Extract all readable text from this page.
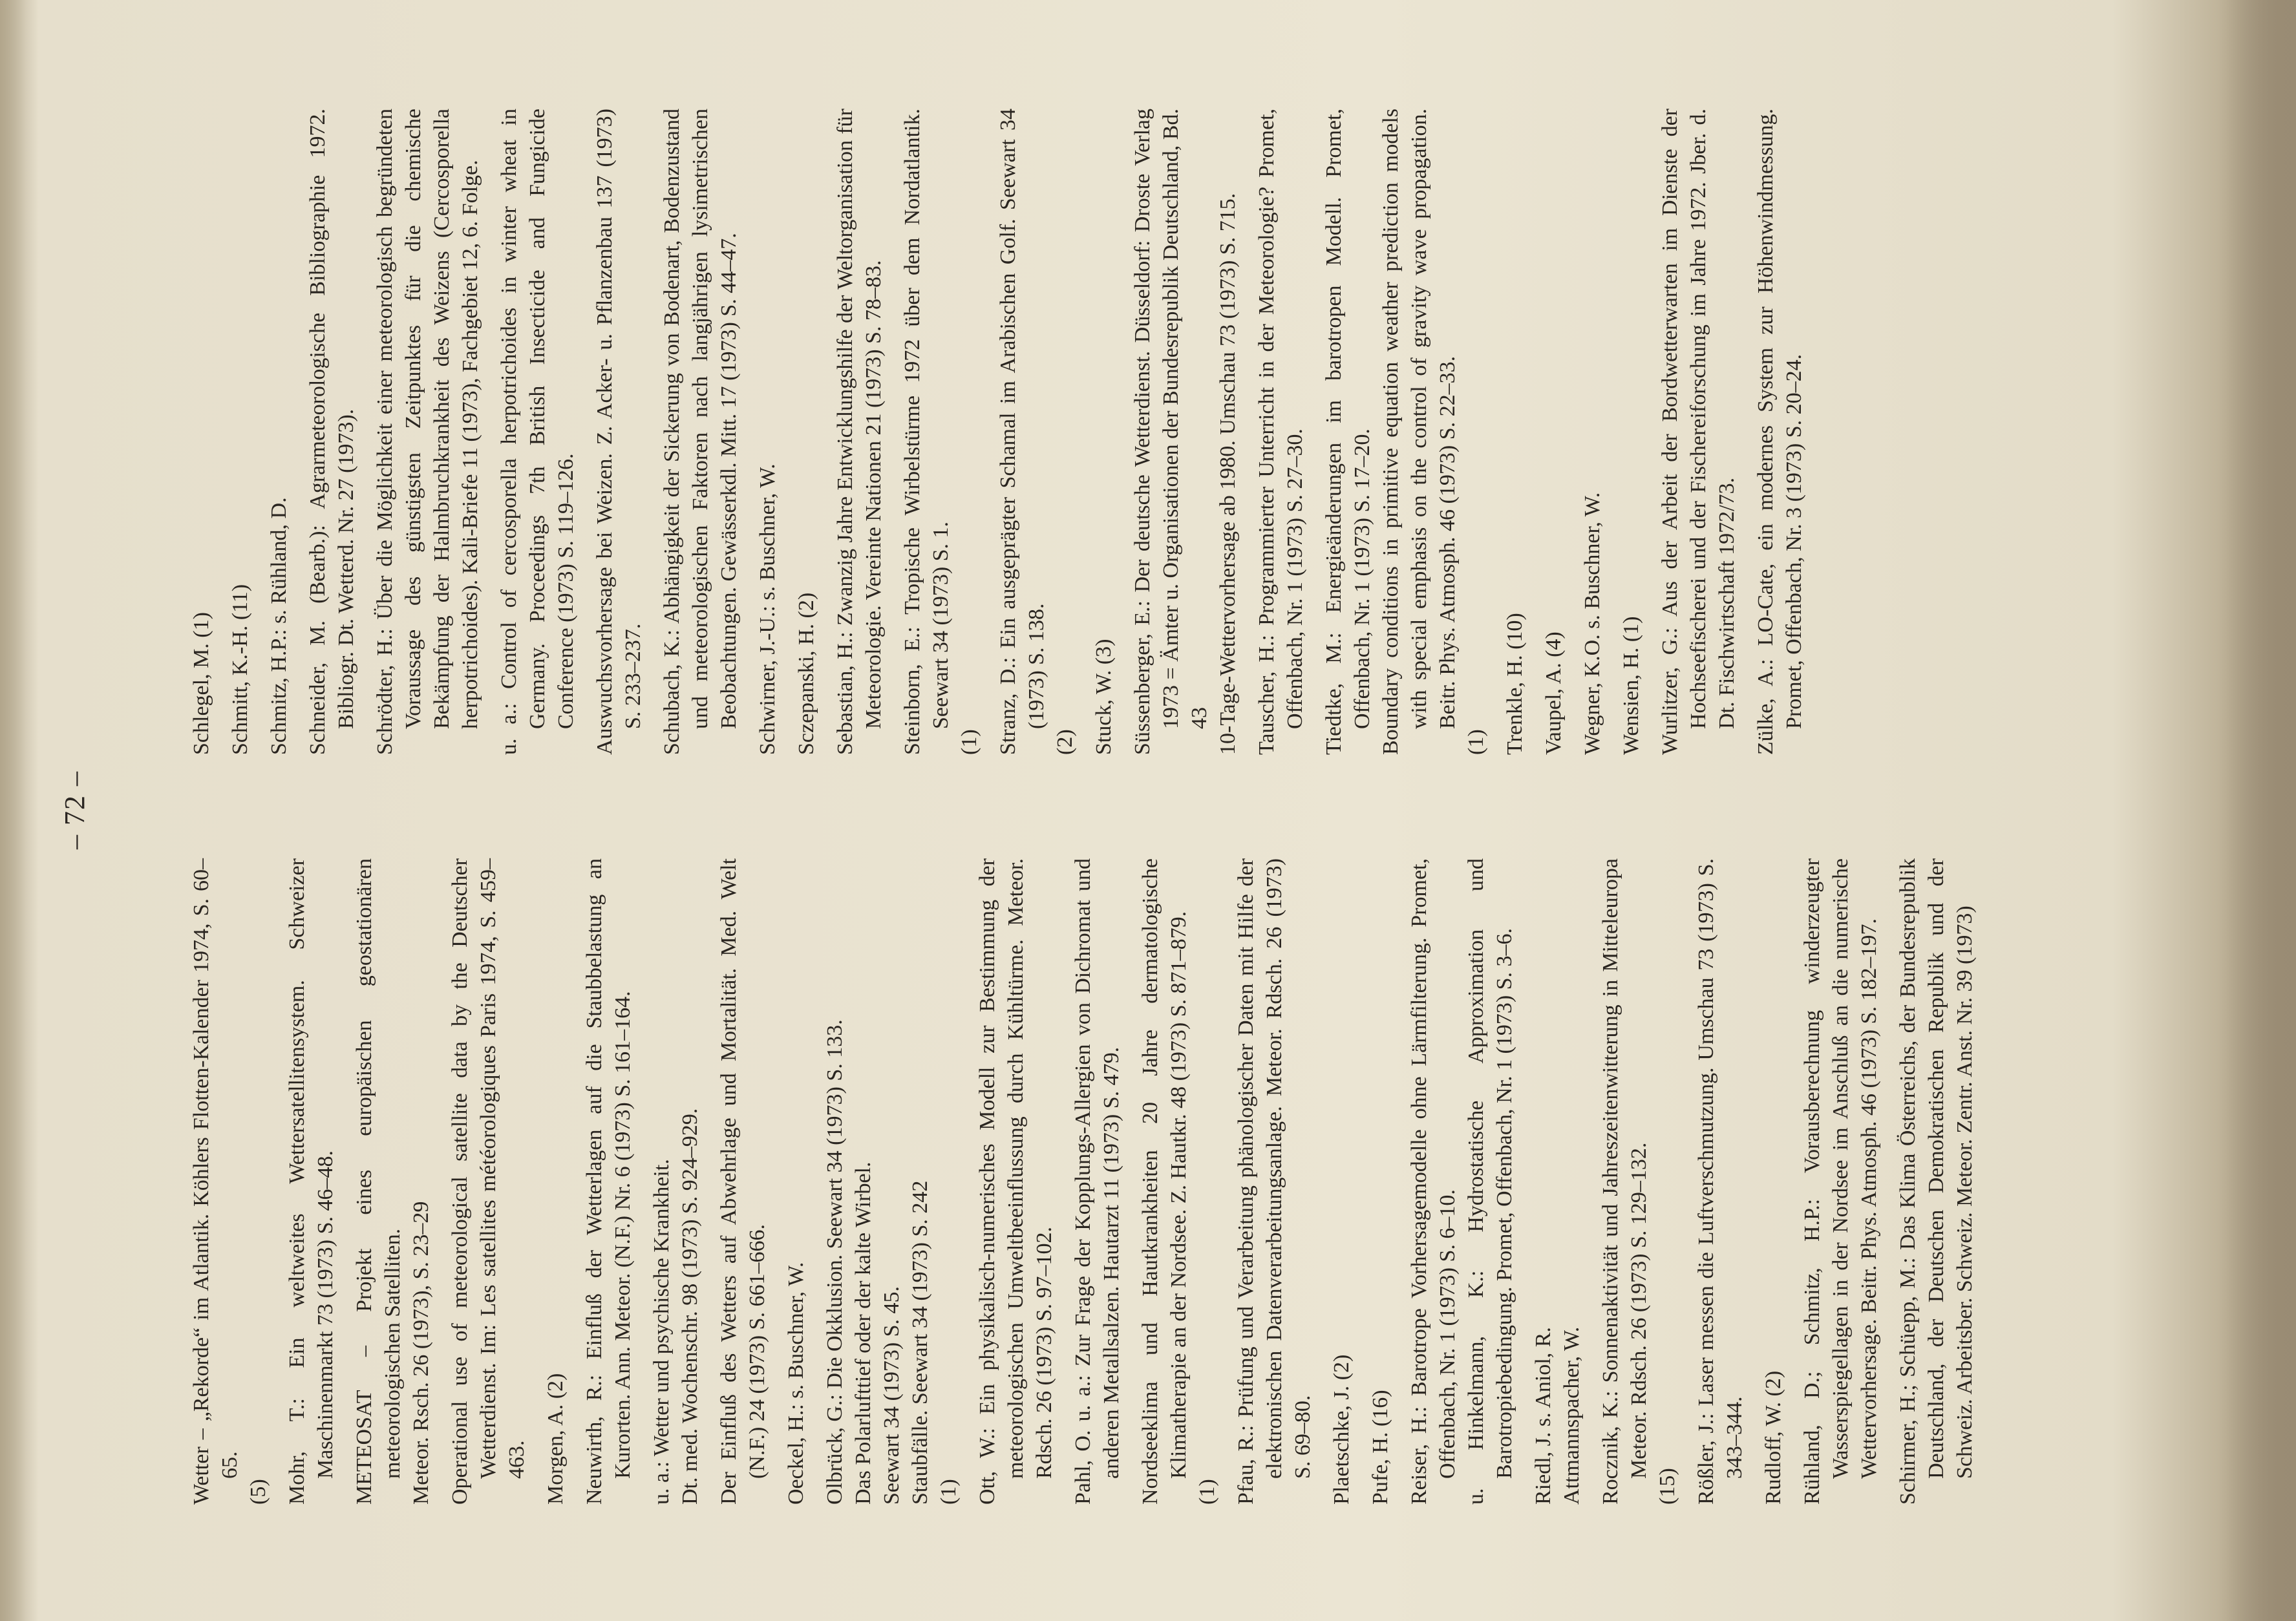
– 72 –
Wetter – „Rekorde“ im Atlantik. Köhlers Flotten-Kalender 1974, S. 60–65.
(5) Mohr, T.: Ein weltweites Wettersatellitensystem. Schweizer Maschinenmarkt 73 (1973) S. 46–48. METEOSAT – Projekt eines europäischen geostationären meteorologischen Satelliten. Meteor. Rsch. 26 (1973), S. 23–29 Operational use of meteorological satellite data by the Deutscher Wetterdienst. Im: Les satellites météorologiques Paris 1974, S. 459–463. Morgen, A. (2) Neuwirth, R.: Einfluß der Wetterlagen auf die Staubbelastung an Kurorten. Ann. Meteor. (N.F.) Nr. 6 (1973) S. 161–164. u. a.: Wetter und psychische Krankheit. Dt. med. Wochenschr. 98 (1973) S. 924–929. Der Einfluß des Wetters auf Abwehrlage und Mortalität. Med. Welt (N.F.) 24 (1973) S. 661–666. Oeckel, H.: s. Buschner, W. Olbrück, G.: Die Okklusion. Seewart 34 (1973) S. 133. Das Polarlufttief oder der kalte Wirbel. Seewart 34 (1973) S. 45. Staubfälle. Seewart 34 (1973) S. 242 (1) Ott, W.: Ein physikalisch-numerisches Modell zur Bestimmung der meteorologischen Umweltbeeinflussung durch Kühltürme. Meteor. Rdsch. 26 (1973) S. 97–102. Pahl, O. u. a.: Zur Frage der Kopplungs-Allergien von Dichromat und anderen Metallsalzen. Hautarzt 11 (1973) S. 479. Nordseeklima und Hautkrankheiten 20 Jahre dermatologische Klimatherapie an der Nordsee. Z. Hautkr. 48 (1973) S. 871–879.
(1) Pfau, R.: Prüfung und Verarbeitung phänologischer Daten mit Hilfe der elektronischen Datenverarbeitungsanlage. Meteor. Rdsch. 26 (1973) S. 69–80. Plaetschke, J. (2) Pufe, H. (16) Reiser, H.: Barotrope Vorhersagemodelle ohne Lärmfilterung. Promet, Offenbach, Nr. 1 (1973) S. 6–10. u. Hinkelmann, K.: Hydrostatische Approximation und Barotropiebedingung. Promet, Offenbach, Nr. 1 (1973) S. 3–6. Riedl, J. s. Aniol, R. Attmannspacher, W. Rocznik, K.: Sonnenaktivität und Jahreszeitenwitterung in Mitteleuropa Meteor. Rdsch. 26 (1973) S. 129–132.
(15) Rößler, J.: Laser messen die Luftverschmutzung. Umschau 73 (1973) S. 343–344. Rudloff, W. (2) Rühland, D.; Schmitz, H.P.: Vorausberechnung winderzeugter Wasserspiegellagen in der Nordsee im Anschluß an die numerische Wettervorhersage. Beitr. Phys. Atmosph. 46 (1973) S. 182–197. Schirmer, H.; Schüepp, M.: Das Klima Österreichs, der Bundesrepublik Deutschland, der Deutschen Demokratischen Republik und der Schweiz. Arbeitsber. Schweiz. Meteor. Zentr. Anst. Nr. 39 (1973)
Schlegel, M. (1) Schmitt, K.-H. (11) Schmitz, H.P.: s. Rühland, D. Schneider, M. (Bearb.): Agrarmeteorologische Bibliographie 1972. Bibliogr. Dt. Wetterd. Nr. 27 (1973). Schrödter, H.: Über die Möglichkeit einer meteorologisch begründeten Voraussage des günstigsten Zeitpunktes für die chemische Bekämpfung der Halmbruchkrankheit des Weizens (Cercosporella herpotrichoides). Kali-Briefe 11 (1973), Fachgebiet 12, 6. Folge. u. a.: Control of cercosporella herpotrichoides in winter wheat in Germany. Proceedings 7th British Insecticide and Fungicide Conference (1973) S. 119–126. Auswuchsvorhersage bei Weizen. Z. Acker- u. Pflanzenbau 137 (1973) S. 233–237. Schubach, K.: Abhängigkeit der Sickerung von Bodenart, Bodenzustand und meteorologischen Faktoren nach langjährigen lysimetrischen Beobachtungen. Gewässerkdl. Mitt. 17 (1973) S. 44–47. Schwirner, J.-U.: s. Buschner, W. Sczepanski, H. (2) Sebastian, H.: Zwanzig Jahre Entwicklungshilfe der Weltorganisation für Meteorologie. Vereinte Nationen 21 (1973) S. 78–83. Steinborn, E.: Tropische Wirbelstürme 1972 über dem Nordatlantik. Seewart 34 (1973) S. 1.
(1) Stranz, D.: Ein ausgeprägter Schamal im Arabischen Golf. Seewart 34 (1973) S. 138.
(2) Stuck, W. (3) Süssenberger, E.: Der deutsche Wetterdienst. Düsseldorf: Droste Verlag 1973 = Ämter u. Organisationen der Bundesrepublik Deutschland, Bd. 43 10-Tage-Wettervorhersage ab 1980. Umschau 73 (1973) S. 715. Tauscher, H.: Programmierter Unterricht in der Meteorologie? Promet, Offenbach, Nr. 1 (1973) S. 27–30. Tiedtke, M.: Energieänderungen im barotropen Modell. Promet, Offenbach, Nr. 1 (1973) S. 17–20. Boundary conditions in primitive equation weather prediction models with special emphasis on the control of gravity wave propagation. Beitr. Phys. Atmosph. 46 (1973) S. 22–33.
(1) Trenkle, H. (10) Vaupel, A. (4) Wegner, K.O. s. Buschner, W. Wensien, H. (1) Wurlitzer, G.: Aus der Arbeit der Bordwetterwarten im Dienste der Hochseefischerei und der Fischereiforschung im Jahre 1972. Jber. d. Dt. Fischwirtschaft 1972/73. Zülke, A.: LO-Cate, ein modernes System zur Höhenwindmessung. Promet, Offenbach, Nr. 3 (1973) S. 20–24.
